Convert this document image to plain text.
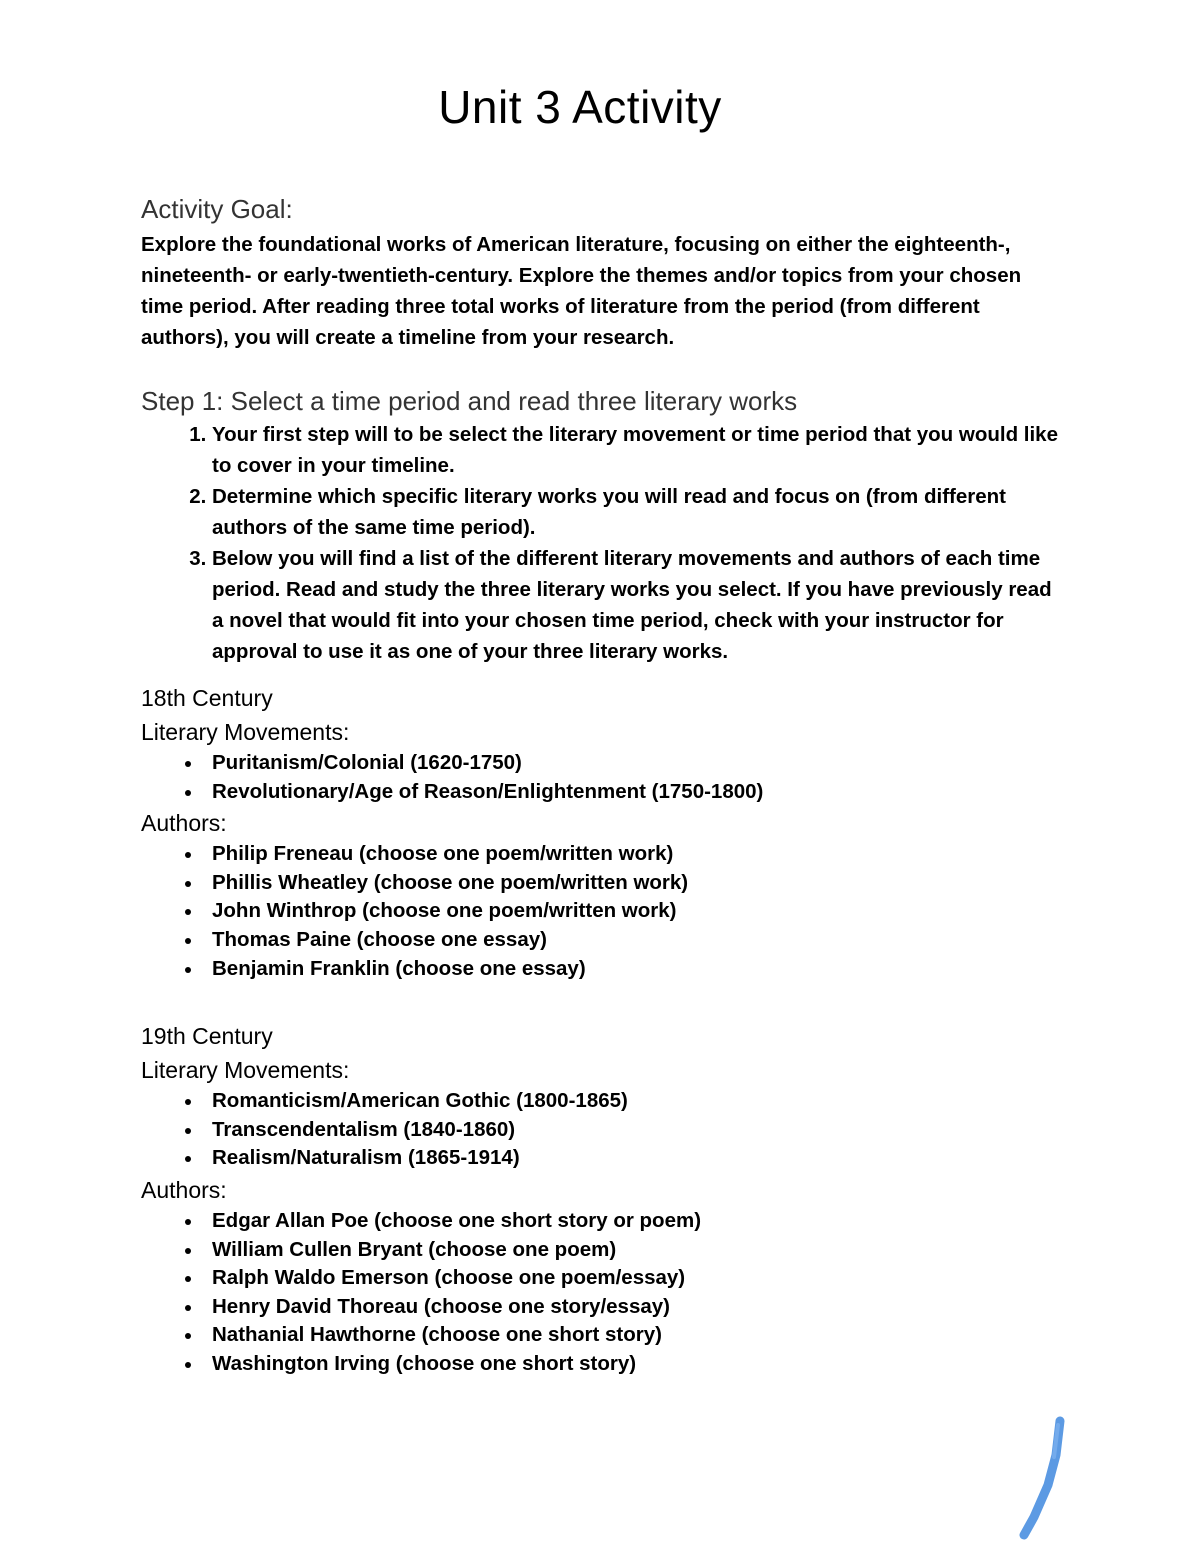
Unit 3 Activity
Activity Goal:

Explore the foundational works of American literature, focusing on either the eighteenth-, nineteenth- or early-twentieth-century. Explore the themes and/or topics from your chosen time period. After reading three total works of literature from the period (from different authors), you will create a timeline from your research.

Step 1: Select a time period and read three literary works
1. Your first step will to be select the literary movement or time period that you would like to cover in your timeline.
2. Determine which specific literary works you will read and focus on (from different authors of the same time period).
3. Below you will find a list of the different literary movements and authors of each time period. Read and study the three literary works you select. If you have previously read a novel that would fit into your chosen time period, check with your instructor for approval to use it as one of your three literary works.
18th Century
Literary Movements:
Puritanism/Colonial (1620-1750)
Revolutionary/Age of Reason/Enlightenment (1750-1800)
Authors:
Philip Freneau (choose one poem/written work)
Phillis Wheatley (choose one poem/written work)
John Winthrop (choose one poem/written work)
Thomas Paine (choose one essay)
Benjamin Franklin (choose one essay)
19th Century
Literary Movements:
Romanticism/American Gothic (1800-1865)
Transcendentalism (1840-1860)
Realism/Naturalism (1865-1914)
Authors:
Edgar Allan Poe (choose one short story or poem)
William Cullen Bryant (choose one poem)
Ralph Waldo Emerson (choose one poem/essay)
Henry David Thoreau (choose one story/essay)
Nathanial Hawthorne (choose one short story)
Washington Irving (choose one short story)
